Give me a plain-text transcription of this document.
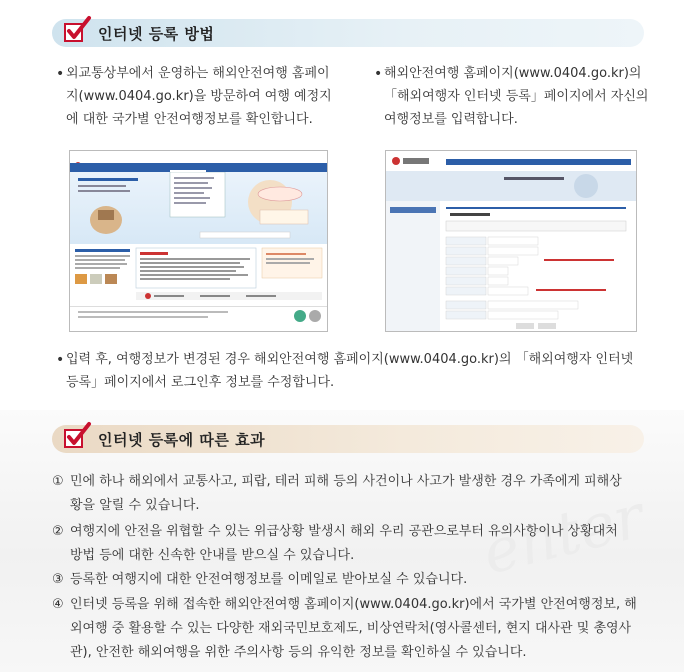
enter
인터넷 등록 방법
• 외교통상부에서 운영하는 해외안전여행 홈페이
지(www.0404.go.kr)을 방문하여 여행 예정지
에 대한 국가별 안전여행정보를 확인합니다.
• 해외안전여행 홈페이지(www.0404.go.kr)의
「해외여행자 인터넷 등록」페이지에서 자신의
여행정보를 입력합니다.
• 입력 후, 여행정보가 변경된 경우 해외안전여행 홈페이지(www.0404.go.kr)의 「해외여행자 인터넷
등록」페이지에서 로그인후 정보를 수정합니다.
인터넷 등록에 따른 효과
① 민에 하나 해외에서 교통사고, 피랍, 테러 피해 등의 사건이나 사고가 발생한 경우 가족에게 피해상
황을 알릴 수 있습니다.
② 여행지에 안전을 위협할 수 있는 위급상황 발생시 해외 우리 공관으로부터 유의사항이나 상황대처
방법 등에 대한 신속한 안내를 받으실 수 있습니다.
③ 등록한 여행지에 대한 안전여행정보를 이메일로 받아보실 수 있습니다.
④ 인터넷 등록을 위해 접속한 해외안전여행 홈페이지(www.0404.go.kr)에서 국가별 안전여행정보, 해
외여행 중 활용할 수 있는 다양한 재외국민보호제도, 비상연락처(영사콜센터, 현지 대사관 및 총영사
관), 안전한 해외여행을 위한 주의사항 등의 유익한 정보를 확인하실 수 있습니다.
